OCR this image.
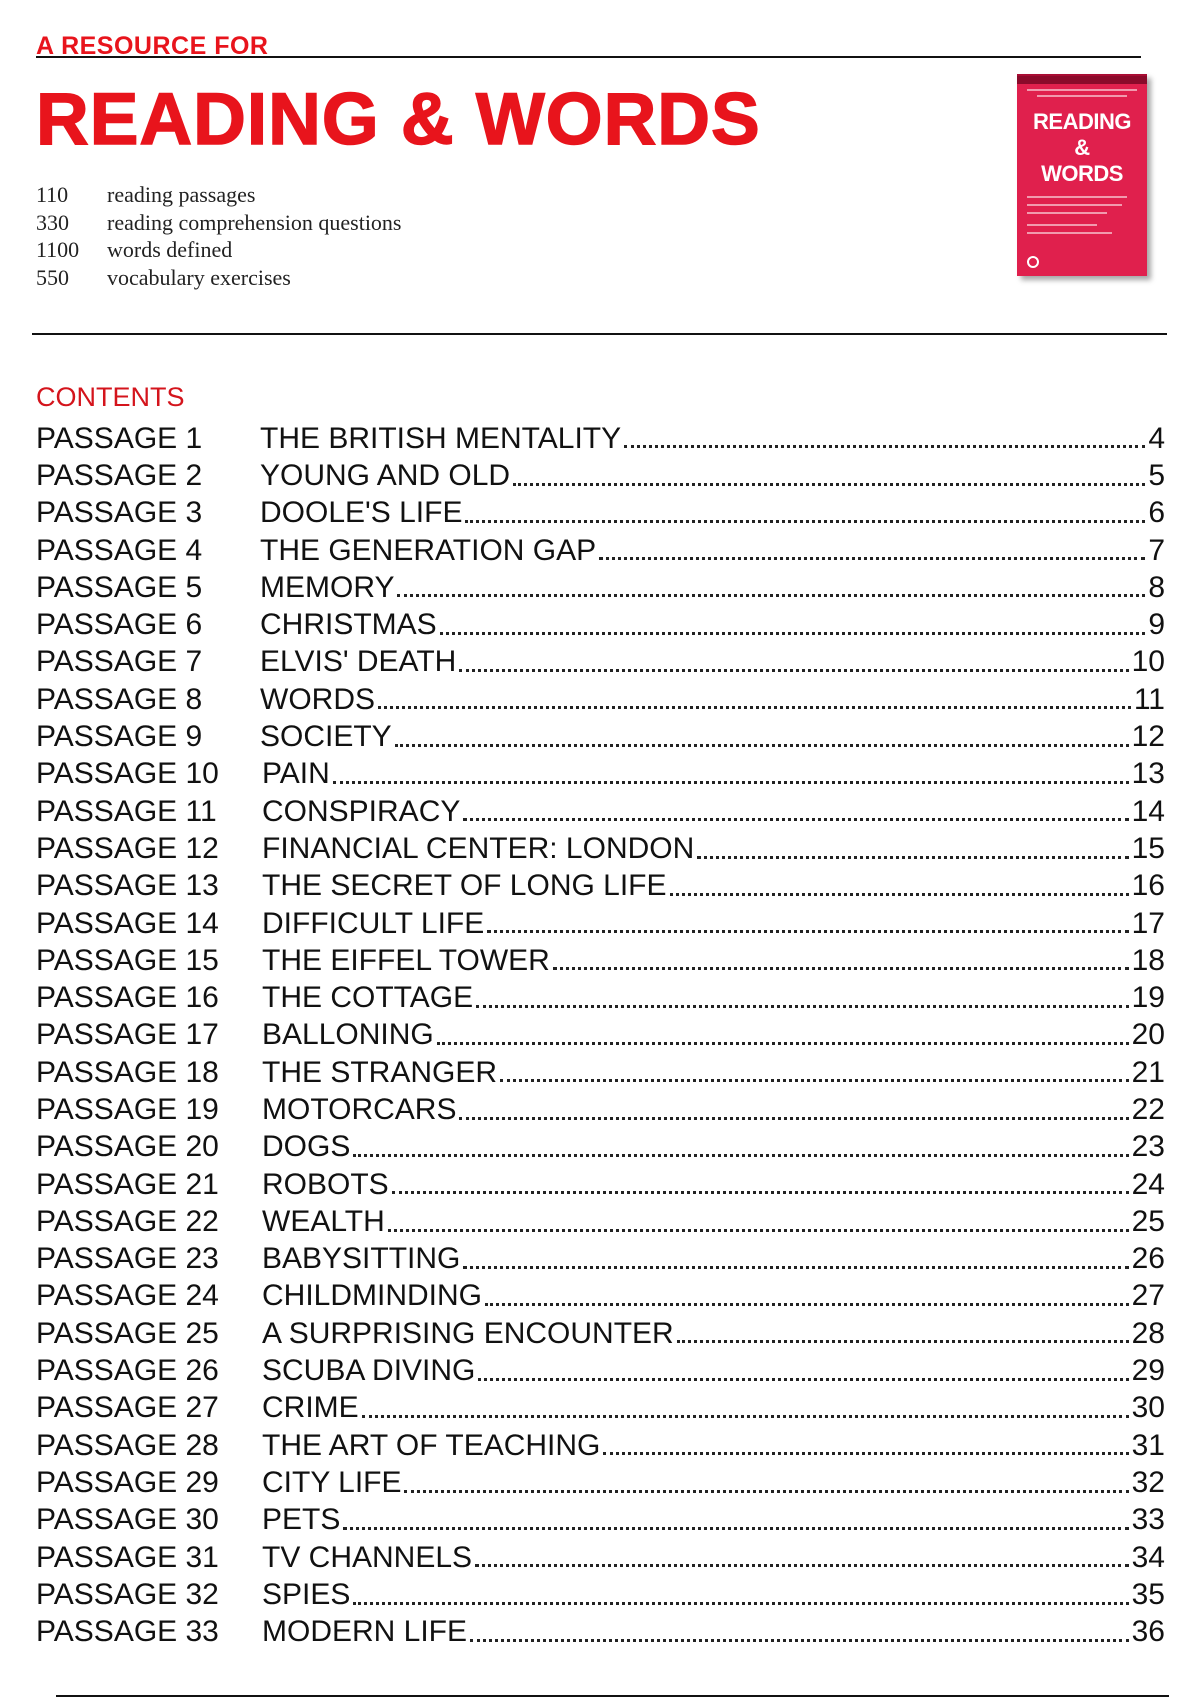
A RESOURCE FOR
READING & WORDS
110	reading passages
330	reading comprehension questions
1100	words defined
550	vocabulary exercises
READING
&
WORDS
CONTENTS
PASSAGE 1	THE BRITISH MENTALITY	4
PASSAGE 2	YOUNG AND OLD	5
PASSAGE 3	DOOLE'S LIFE	6
PASSAGE 4	THE GENERATION GAP	7
PASSAGE 5	MEMORY	8
PASSAGE 6	CHRISTMAS	9
PASSAGE 7	ELVIS' DEATH	10
PASSAGE 8	WORDS	11
PASSAGE 9	SOCIETY	12
PASSAGE 10	PAIN	13
PASSAGE 11	CONSPIRACY	14
PASSAGE 12	FINANCIAL CENTER: LONDON	15
PASSAGE 13	THE SECRET OF LONG LIFE	16
PASSAGE 14	DIFFICULT LIFE	17
PASSAGE 15	THE EIFFEL TOWER	18
PASSAGE 16	THE COTTAGE	19
PASSAGE 17	BALLONING	20
PASSAGE 18	THE STRANGER	21
PASSAGE 19	MOTORCARS	22
PASSAGE 20	DOGS	23
PASSAGE 21	ROBOTS	24
PASSAGE 22	WEALTH	25
PASSAGE 23	BABYSITTING	26
PASSAGE 24	CHILDMINDING	27
PASSAGE 25	A SURPRISING ENCOUNTER	28
PASSAGE 26	SCUBA DIVING	29
PASSAGE 27	CRIME	30
PASSAGE 28	THE ART OF TEACHING	31
PASSAGE 29	CITY LIFE	32
PASSAGE 30	PETS	33
PASSAGE 31	TV CHANNELS	34
PASSAGE 32	SPIES	35
PASSAGE 33	MODERN LIFE	36
